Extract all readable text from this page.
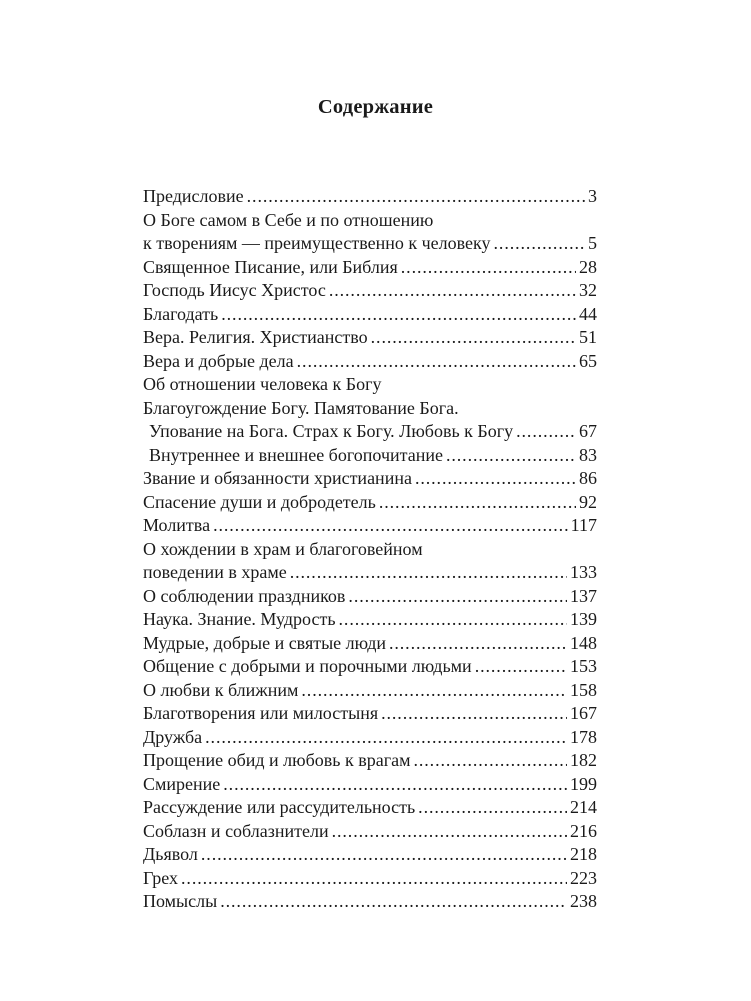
Содержание
Предисловие . . .	3
О Боге самом в Себе и по отношению
к творениям — преимущественно к человеку . . .	5
Священное Писание, или Библия . . .	28
Господь Иисус Христос . . .	32
Благодать . . .	44
Вера. Религия. Христианство . . .	51
Вера и добрые дела . . .	65
Об отношении человека к Богу
Благоугождение Богу. Памятование Бога.
Упование на Бога. Страх к Богу. Любовь к Богу . . .	67
Внутреннее и внешнее богопочитание . . .	83
Звание и обязанности христианина . . .	86
Спасение души и добродетель . . .	92
Молитва . . .	117
О хождении в храм и благоговейном
поведении в храме . . .	133
О соблюдении праздников . . .	137
Наука. Знание. Мудрость . . .	139
Мудрые, добрые и святые люди . . .	148
Общение с добрыми и порочными людьми . . .	153
О любви к ближним . . .	158
Благотворения или милостыня . . .	167
Дружба . . .	178
Прощение обид и любовь к врагам . . .	182
Смирение . . .	199
Рассуждение или рассудительность . . .	214
Соблазн и соблазнители . . .	216
Дьявол . . .	218
Грех . . .	223
Помыслы . . .	238
